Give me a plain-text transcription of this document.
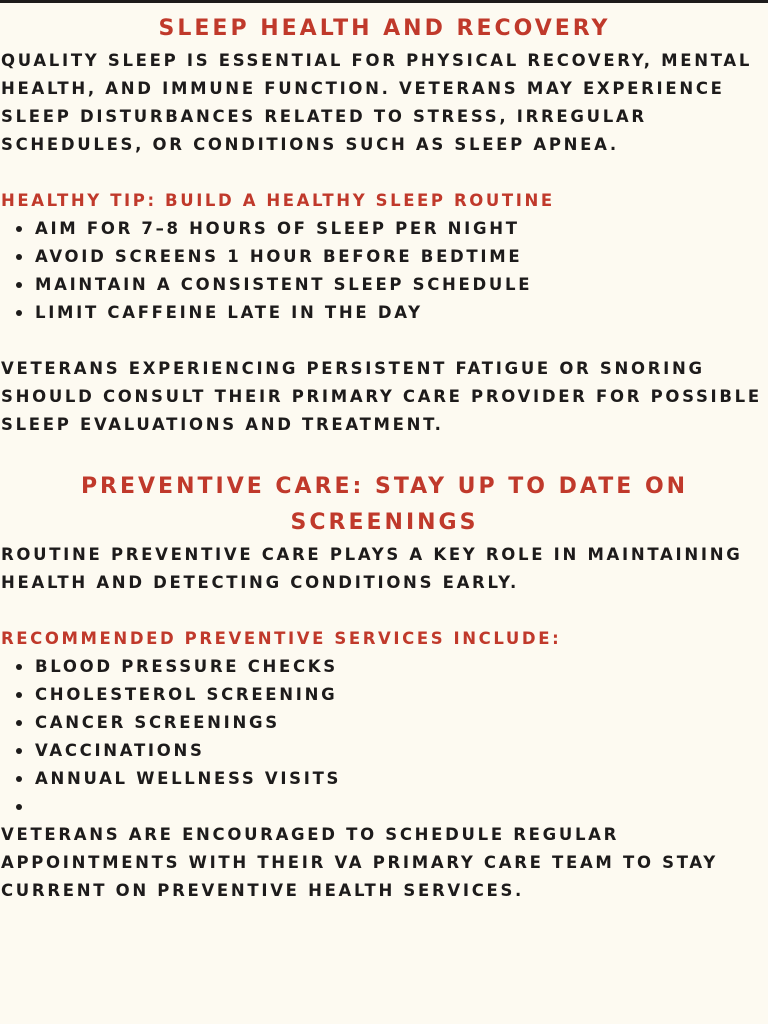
SLEEP HEALTH AND RECOVERY

QUALITY SLEEP IS ESSENTIAL FOR PHYSICAL RECOVERY, MENTAL HEALTH, AND IMMUNE FUNCTION. VETERANS MAY EXPERIENCE SLEEP DISTURBANCES RELATED TO STRESS, IRREGULAR SCHEDULES, OR CONDITIONS SUCH AS SLEEP APNEA.

HEALTHY TIP: BUILD A HEALTHY SLEEP ROUTINE
AIM FOR 7–8 HOURS OF SLEEP PER NIGHT
AVOID SCREENS 1 HOUR BEFORE BEDTIME
MAINTAIN A CONSISTENT SLEEP SCHEDULE
LIMIT CAFFEINE LATE IN THE DAY

VETERANS EXPERIENCING PERSISTENT FATIGUE OR SNORING SHOULD CONSULT THEIR PRIMARY CARE PROVIDER FOR POSSIBLE SLEEP EVALUATIONS AND TREATMENT.

PREVENTIVE CARE: STAY UP TO DATE ON SCREENINGS

ROUTINE PREVENTIVE CARE PLAYS A KEY ROLE IN MAINTAINING HEALTH AND DETECTING CONDITIONS EARLY.

RECOMMENDED PREVENTIVE SERVICES INCLUDE:
BLOOD PRESSURE CHECKS
CHOLESTEROL SCREENING
CANCER SCREENINGS
VACCINATIONS
ANNUAL WELLNESS VISITS

VETERANS ARE ENCOURAGED TO SCHEDULE REGULAR APPOINTMENTS WITH THEIR VA PRIMARY CARE TEAM TO STAY CURRENT ON PREVENTIVE HEALTH SERVICES.
